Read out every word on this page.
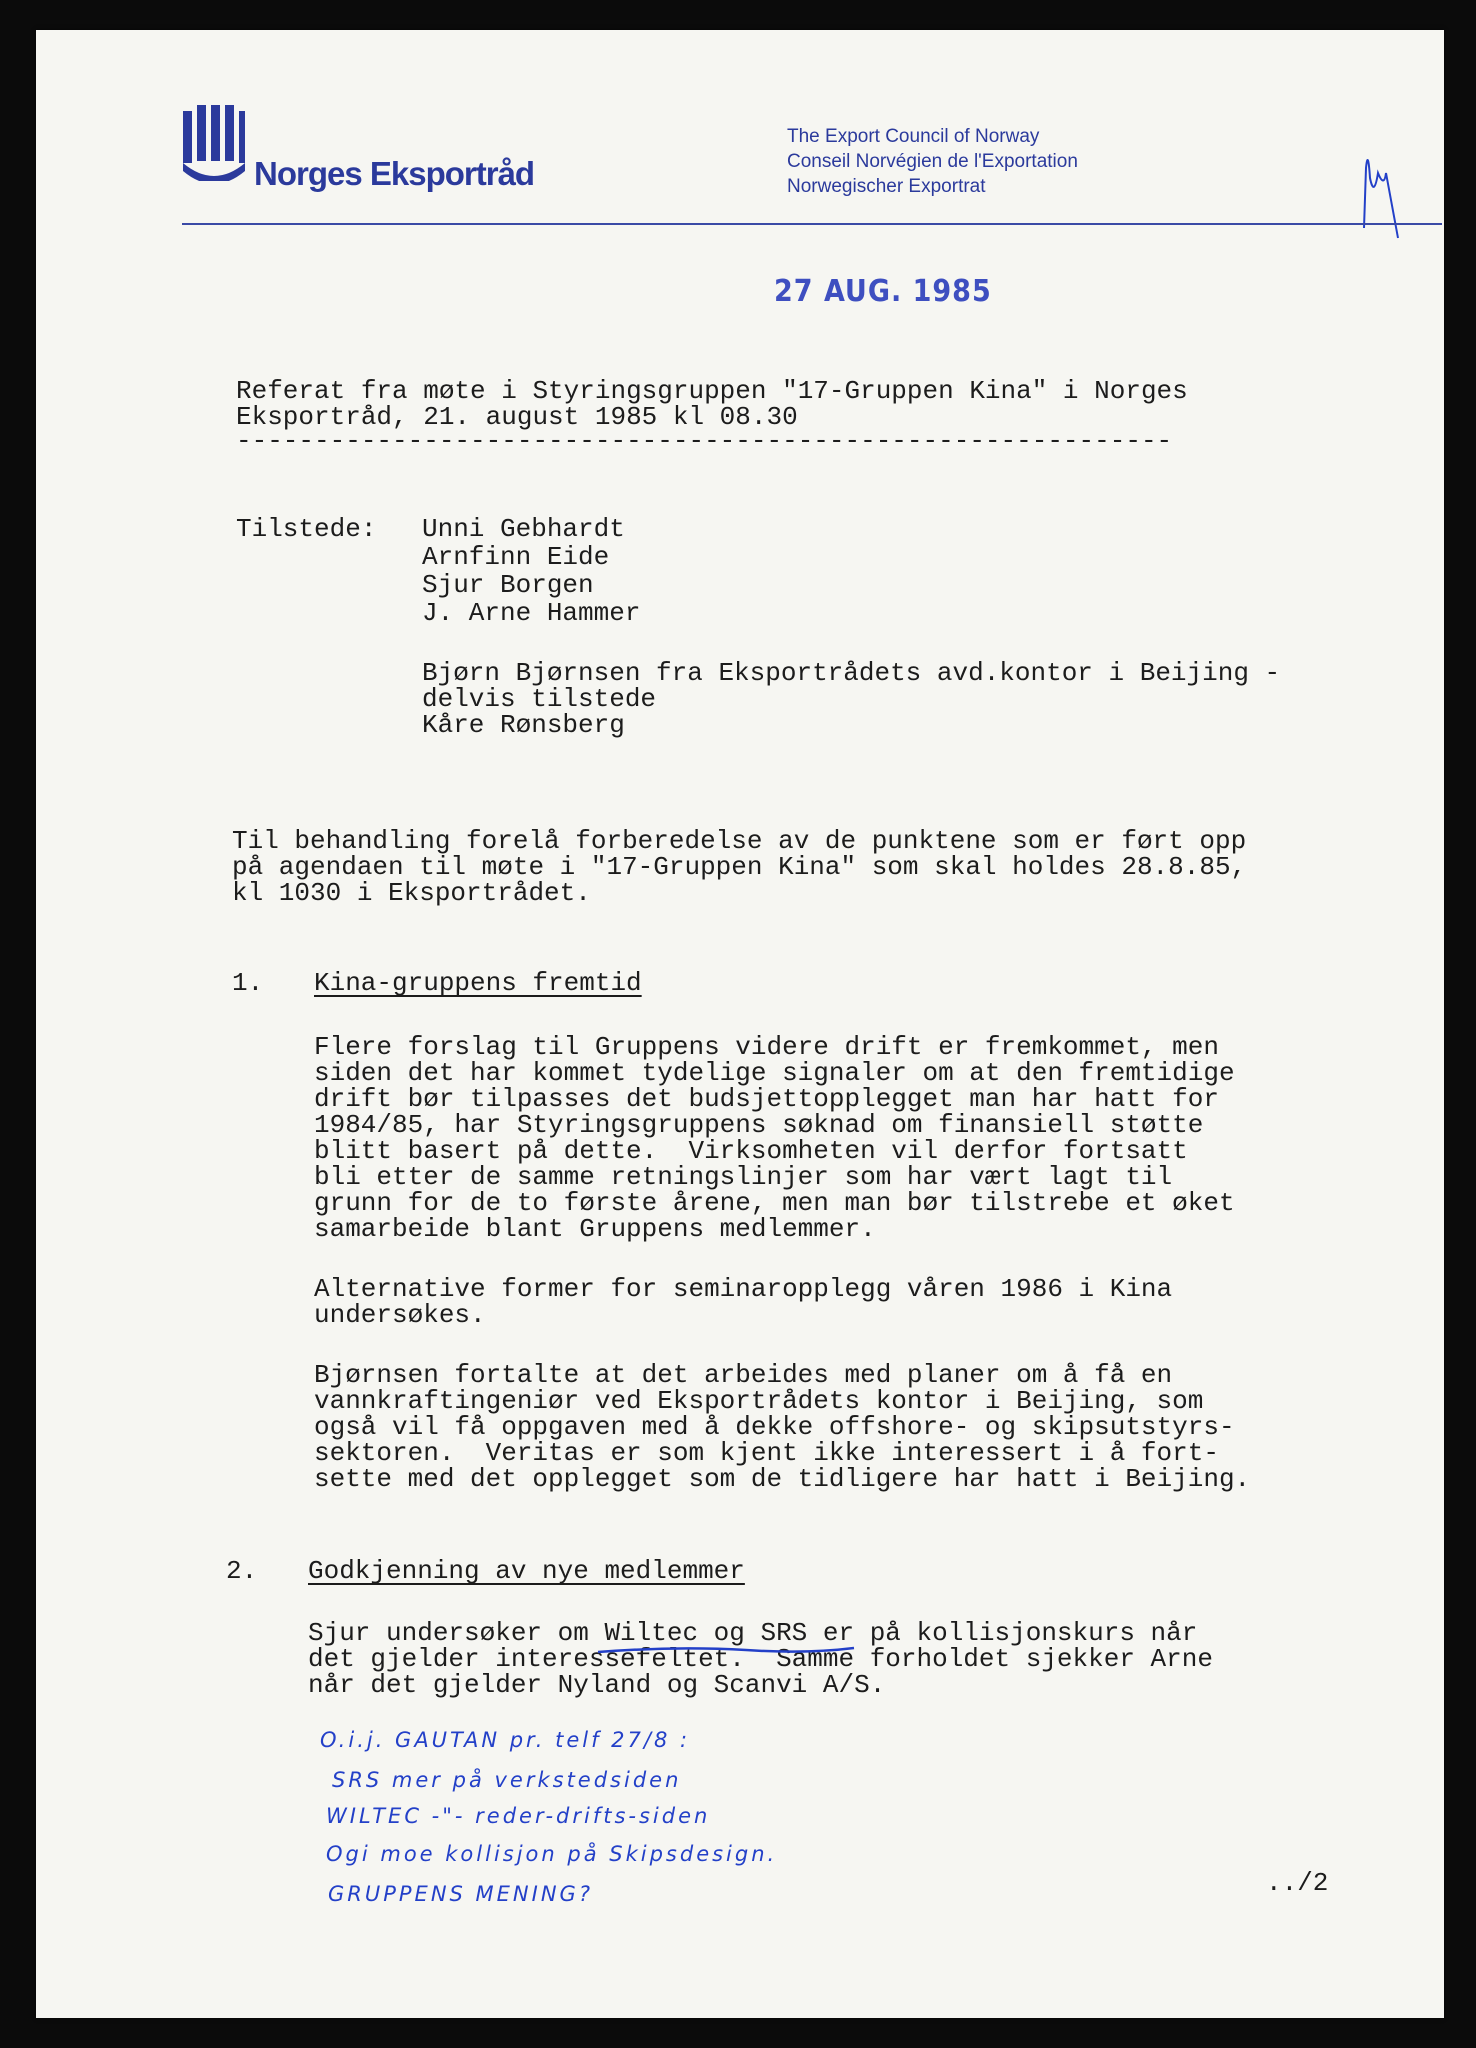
Norges Eksportråd
The Export Council of Norway
Conseil Norvégien de l'Exportation
Norwegischer Exportrat
27 AUG. 1985
Referat fra møte i Styringsgruppen "17-Gruppen Kina" i Norges
Eksportråd, 21. august 1985 kl 08.30
------------------------------------------------------------
Tilstede: Unni Gebhardt
Arnfinn Eide
Sjur Borgen
J. Arne Hammer
Bjørn Bjørnsen fra Eksportrådets avd.kontor i Beijing -
delvis tilstede
Kåre Rønsberg
Til behandling forelå forberedelse av de punktene som er ført opp
på agendaen til møte i "17-Gruppen Kina" som skal holdes 28.8.85,
kl 1030 i Eksportrådet.
1. Kina-gruppens fremtid
Flere forslag til Gruppens videre drift er fremkommet, men
siden det har kommet tydelige signaler om at den fremtidige
drift bør tilpasses det budsjettopplegget man har hatt for
1984/85, har Styringsgruppens søknad om finansiell støtte
blitt basert på dette.  Virksomheten vil derfor fortsatt
bli etter de samme retningslinjer som har vært lagt til
grunn for de to første årene, men man bør tilstrebe et øket
samarbeide blant Gruppens medlemmer.
Alternative former for seminaropplegg våren 1986 i Kina
undersøkes.
Bjørnsen fortalte at det arbeides med planer om å få en
vannkraftingeniør ved Eksportrådets kontor i Beijing, som
også vil få oppgaven med å dekke offshore- og skipsutstyrs-
sektoren.  Veritas er som kjent ikke interessert i å fort-
sette med det opplegget som de tidligere har hatt i Beijing.
2. Godkjenning av nye medlemmer
Sjur undersøker om Wiltec og SRS er på kollisjonskurs når
det gjelder interessefeltet.  Samme forholdet sjekker Arne
når det gjelder Nyland og Scanvi A/S.
O.i.j. GAUTAN pr. telf 27/8 :
SRS mer på verkstedsiden
WILTEC -"- reder-drifts-siden
Ogi moe kollisjon på Skipsdesign.
GRUPPENS MENING?	../2
